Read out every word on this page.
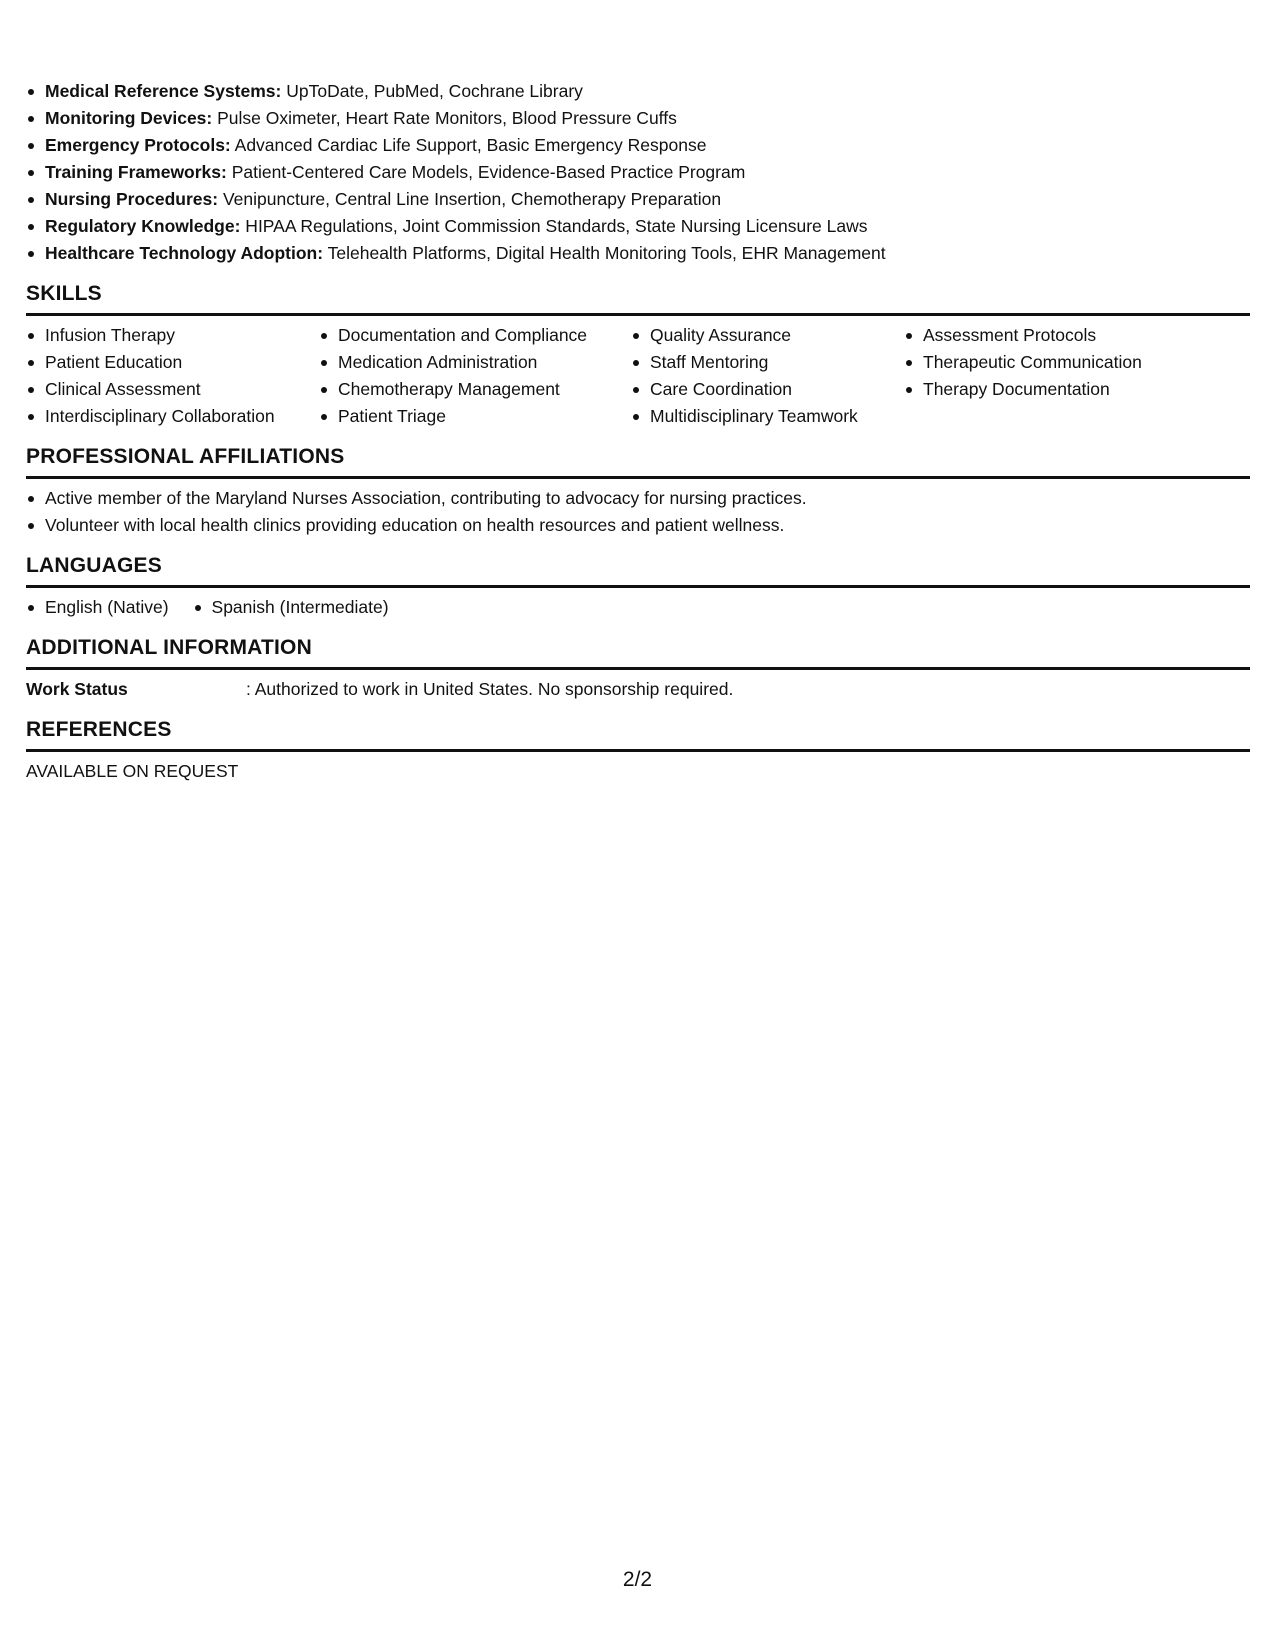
Medical Reference Systems: UpToDate, PubMed, Cochrane Library
Monitoring Devices: Pulse Oximeter, Heart Rate Monitors, Blood Pressure Cuffs
Emergency Protocols: Advanced Cardiac Life Support, Basic Emergency Response
Training Frameworks: Patient-Centered Care Models, Evidence-Based Practice Program
Nursing Procedures: Venipuncture, Central Line Insertion, Chemotherapy Preparation
Regulatory Knowledge: HIPAA Regulations, Joint Commission Standards, State Nursing Licensure Laws
Healthcare Technology Adoption: Telehealth Platforms, Digital Health Monitoring Tools, EHR Management
SKILLS
Infusion Therapy
Patient Education
Clinical Assessment
Interdisciplinary Collaboration
Documentation and Compliance
Medication Administration
Chemotherapy Management
Patient Triage
Quality Assurance
Staff Mentoring
Care Coordination
Multidisciplinary Teamwork
Assessment Protocols
Therapeutic Communication
Therapy Documentation
PROFESSIONAL AFFILIATIONS
Active member of the Maryland Nurses Association, contributing to advocacy for nursing practices.
Volunteer with local health clinics providing education on health resources and patient wellness.
LANGUAGES
English (Native)	Spanish (Intermediate)
ADDITIONAL INFORMATION
Work Status	: Authorized to work in United States. No sponsorship required.
REFERENCES
AVAILABLE ON REQUEST
2/2
